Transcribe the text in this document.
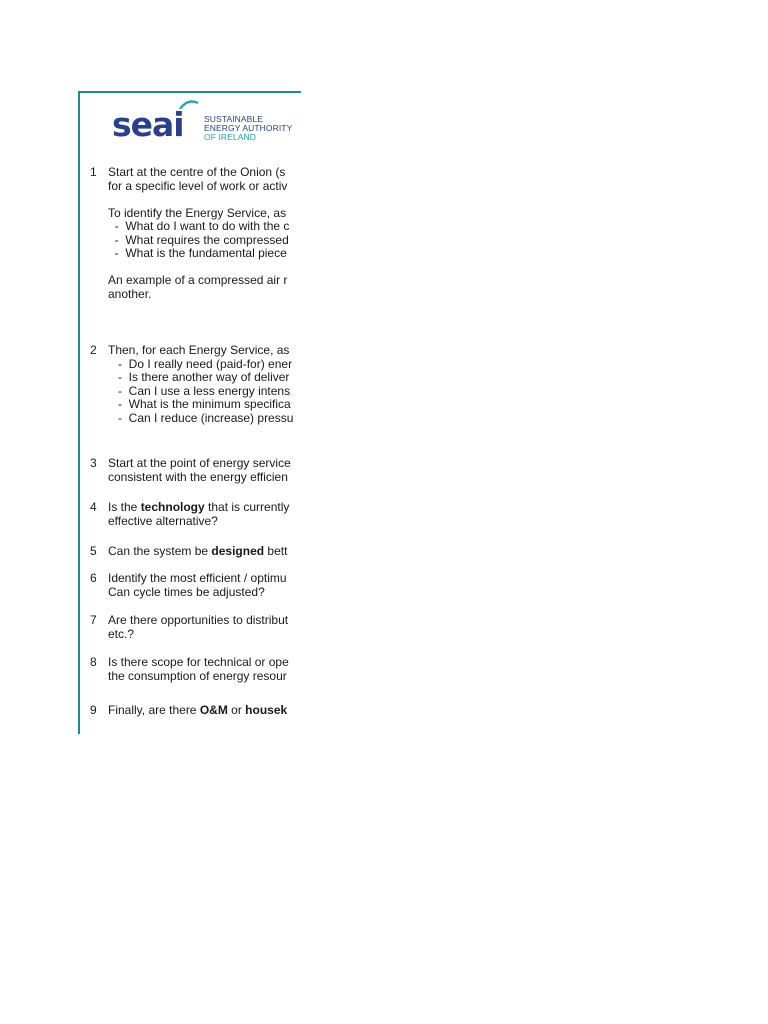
seai SUSTAINABLE
ENERGY AUTHORITY
OF IRELAND
1 Start at the centre of the Onion (s
for a specific level of work or activ
To identify the Energy Service, as
-  What do I want to do with the c
-  What requires the compressed
-  What is the fundamental piece
An example of a compressed air r
another.
2 Then, for each Energy Service, as
-  Do I really need (paid-for) ener
-  Is there another way of deliver
-  Can I use a less energy intens
-  What is the minimum specifica
-  Can I reduce (increase) pressu
3 Start at the point of energy service
consistent with the energy efficien
4 Is the technology that is currently
effective alternative?
5 Can the system be designed bett
6 Identify the most efficient / optimu
Can cycle times be adjusted?
7 Are there opportunities to distribut
etc.?
8 Is there scope for technical or ope
the consumption of energy resour
9 Finally, are there O&M or housek
